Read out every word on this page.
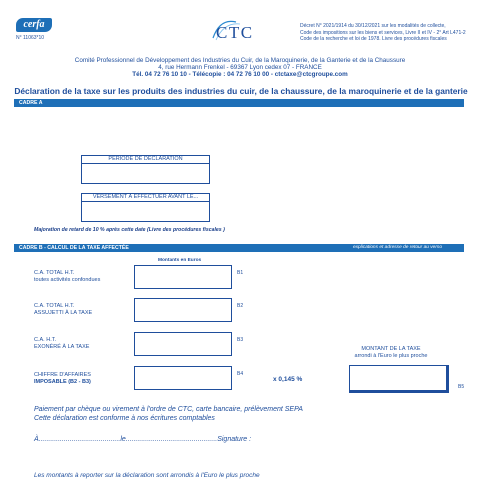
cerfa
N° 11063*10	CTC	Décret N° 2021/1914 du 30/12/2021 sur les modalités de collecte,
Code des impositions sur les biens et services, Livre II et IV - 2° Art L471-2
Code de la recherche et loi de 1978. Livre des procédures fiscales
Comité Professionnel de Développement des Industries du Cuir, de la Maroquinerie, de la Ganterie et de la Chaussure
4, rue Hermann Frenkel - 69367 Lyon cedex 07 - FRANCE
Tél. 04 72 76 10 10 - Télécopie : 04 72 76 10 00 - ctctaxe@ctcgroupe.com
Déclaration de la taxe sur les produits des industries du cuir, de la chaussure, de la maroquinerie et de la ganterie
CADRE A
PÉRIODE DE DÉCLARATION
VERSEMENT À EFFECTUER AVANT LE...
Majoration de retard de 10 % après cette date (Livre des procédures fiscales )
CADRE B - CALCUL DE LA TAXE AFFECTÉE	explications et adresse de retour au verso
Montants en Euros
C.A. TOTAL H.T.
toutes activités confondues
B1
C.A. TOTAL H.T.
ASSUJETTI À LA TAXE
B2
C.A. H.T.
EXONÉRÉ À LA TAXE
B3
CHIFFRE D'AFFAIRES
IMPOSABLE (B2 - B3)
B4
x 0,145 %
MONTANT DE LA TAXE
arrondi à l'Euro le plus proche
B5
Paiement par chèque ou virement à l'ordre de CTC, carte bancaire, prélèvement SEPA
Cette déclaration est conforme à nos écritures comptables
À..........................................le...............................................Signature :
Les montants à reporter sur la déclaration sont arrondis à l'Euro le plus proche
